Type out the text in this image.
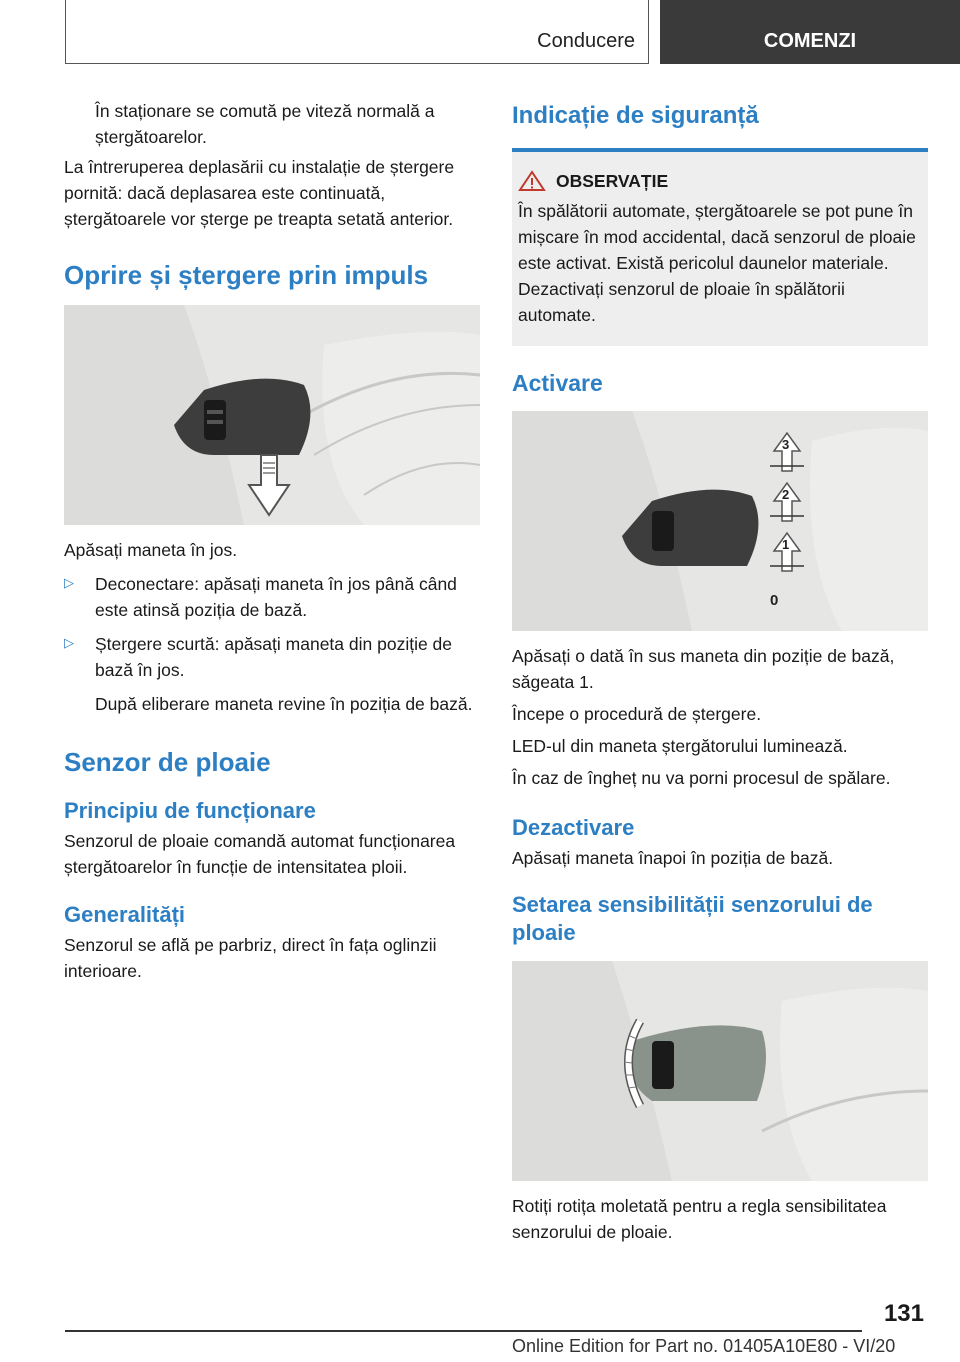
Conducere	COMENZI

În staționare se comută pe viteză normală a ștergătoarelor.

La întreruperea deplasării cu instalație de ștergere pornită: dacă deplasarea este continuată, ștergătoarele vor șterge pe treapta setată anterior.

Oprire și ștergere prin impuls

Apăsați maneta în jos.

▷	Deconectare: apăsați maneta în jos până când este atinsă poziția de bază.

▷	Ștergere scurtă: apăsați maneta din poziție de bază în jos.

După eliberare maneta revine în poziția de bază.

Senzor de ploaie
Principiu de funcționare

Senzorul de ploaie comandă automat funcționarea ștergătoarelor în funcție de intensitatea ploii.

Generalități

Senzorul se află pe parbriz, direct în fața oglinzii interioare.

Indicație de siguranță
OBSERVAȚIE

În spălătorii automate, ștergătoarele se pot pune în mișcare în mod accidental, dacă senzorul de ploaie este activat. Există pericolul daunelor materiale. Dezactivați senzorul de ploaie în spălătorii automate.

Activare
3
2
1
0

Apăsați o dată în sus maneta din poziție de bază, săgeata 1.

Începe o procedură de ștergere.

LED-ul din maneta ștergătorului luminează.

În caz de îngheț nu va porni procesul de spălare.

Dezactivare

Apăsați maneta înapoi în poziția de bază.

Setarea sensibilității senzorului de ploaie

Rotiți rotița moletată pentru a regla sensibilitatea senzorului de ploaie.

131
Online Edition for Part no. 01405A10E80 - VI/20
